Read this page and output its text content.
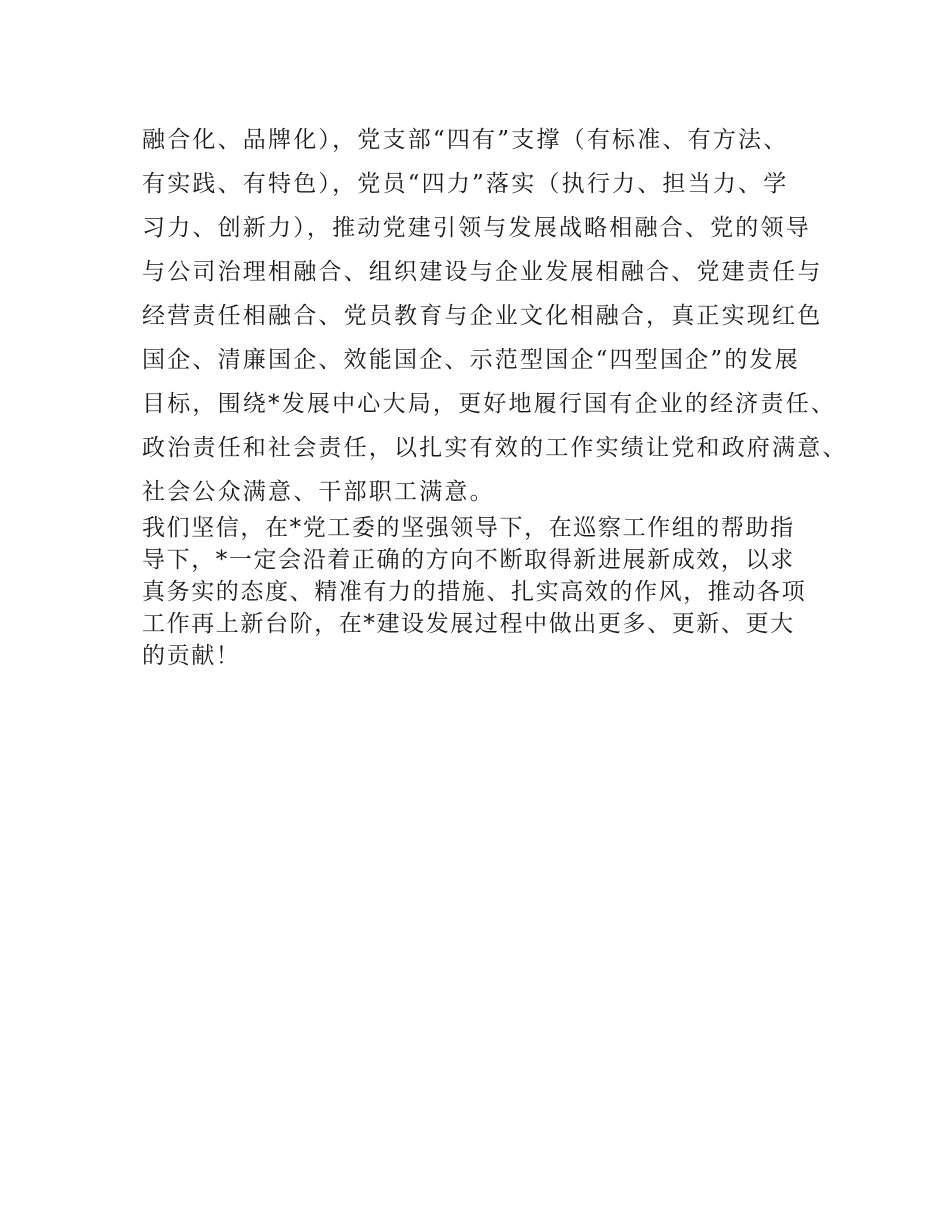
融合化、品牌化），党支部“四有”支撑（有标准、有方法、
有实践、有特色），党员“四力”落实（执行力、担当力、学
习力、创新力），推动党建引领与发展战略相融合、党的领导
与公司治理相融合、组织建设与企业发展相融合、党建责任与
经营责任相融合、党员教育与企业文化相融合，真正实现红色
国企、清廉国企、效能国企、示范型国企“四型国企”的发展
目标，围绕*发展中心大局，更好地履行国有企业的经济责任、
政治责任和社会责任，以扎实有效的工作实绩让党和政府满意、
社会公众满意、干部职工满意。

我们坚信，在*党工委的坚强领导下，在巡察工作组的帮助指
导下，*一定会沿着正确的方向不断取得新进展新成效，以求
真务实的态度、精准有力的措施、扎实高效的作风，推动各项
工作再上新台阶，在*建设发展过程中做出更多、更新、更大
的贡献！
